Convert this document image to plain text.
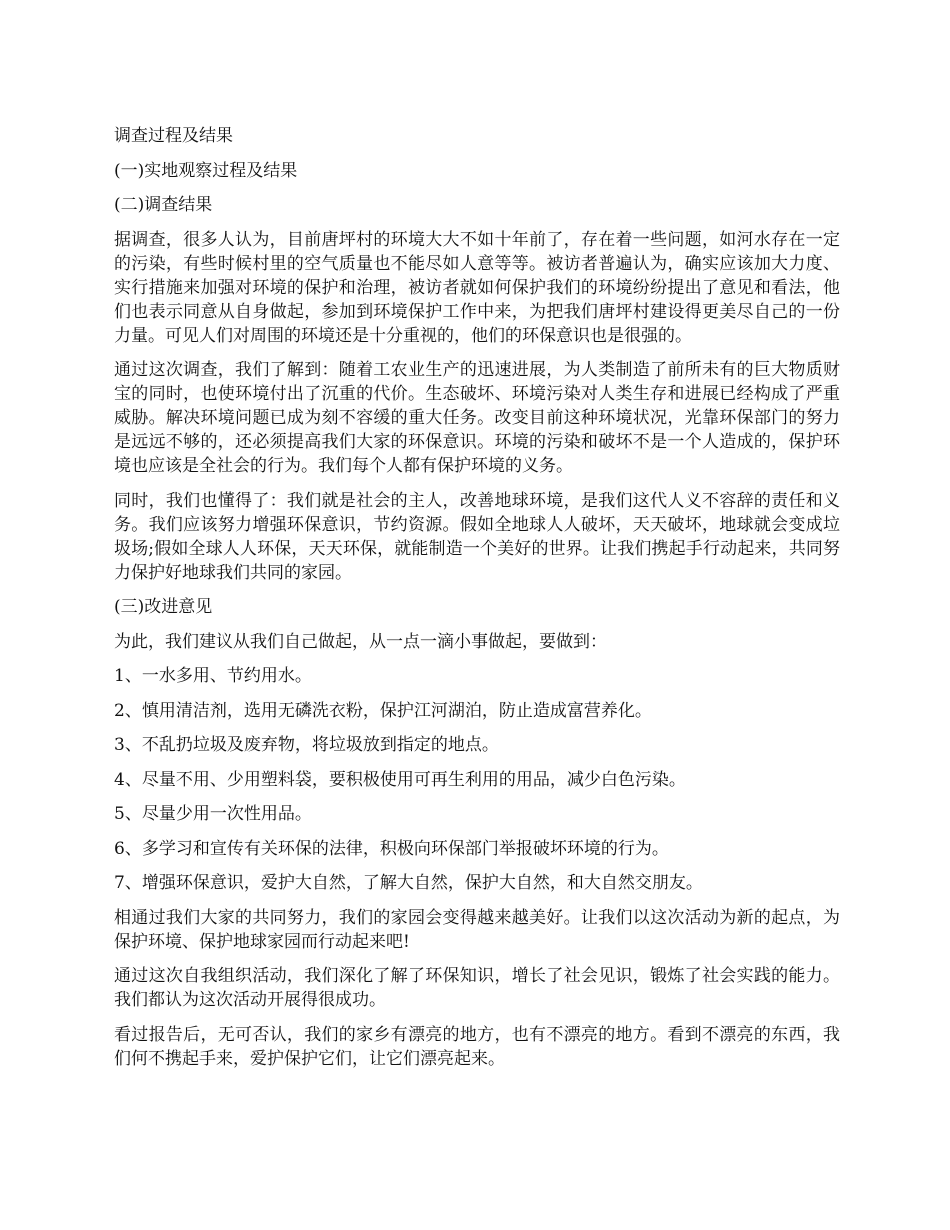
调查过程及结果

(一)实地观察过程及结果

(二)调查结果

据调查，很多人认为，目前唐坪村的环境大大不如十年前了，存在着一些问题，如河水存在一定的污染，有些时候村里的空气质量也不能尽如人意等等。被访者普遍认为，确实应该加大力度、实行措施来加强对环境的保护和治理，被访者就如何保护我们的环境纷纷提出了意见和看法，他们也表示同意从自身做起，参加到环境保护工作中来，为把我们唐坪村建设得更美尽自己的一份力量。可见人们对周围的环境还是十分重视的，他们的环保意识也是很强的。

通过这次调查，我们了解到：随着工农业生产的迅速进展，为人类制造了前所未有的巨大物质财宝的同时，也使环境付出了沉重的代价。生态破坏、环境污染对人类生存和进展已经构成了严重威胁。解决环境问题已成为刻不容缓的重大任务。改变目前这种环境状况，光靠环保部门的努力是远远不够的，还必须提高我们大家的环保意识。环境的污染和破坏不是一个人造成的，保护环境也应该是全社会的行为。我们每个人都有保护环境的义务。

同时，我们也懂得了：我们就是社会的主人，改善地球环境，是我们这代人义不容辞的责任和义务。我们应该努力增强环保意识，节约资源。假如全地球人人破坏，天天破坏，地球就会变成垃圾场;假如全球人人环保，天天环保，就能制造一个美好的世界。让我们携起手行动起来，共同努力保护好地球我们共同的家园。

(三)改进意见

为此，我们建议从我们自己做起，从一点一滴小事做起，要做到：

1、一水多用、节约用水。

2、慎用清洁剂，选用无磷洗衣粉，保护江河湖泊，防止造成富营养化。

3、不乱扔垃圾及废弃物，将垃圾放到指定的地点。

4、尽量不用、少用塑料袋，要积极使用可再生利用的用品，减少白色污染。

5、尽量少用一次性用品。

6、多学习和宣传有关环保的法律，积极向环保部门举报破坏环境的行为。

7、增强环保意识，爱护大自然，了解大自然，保护大自然，和大自然交朋友。

相通过我们大家的共同努力，我们的家园会变得越来越美好。让我们以这次活动为新的起点，为保护环境、保护地球家园而行动起来吧!

通过这次自我组织活动，我们深化了解了环保知识，增长了社会见识，锻炼了社会实践的能力。我们都认为这次活动开展得很成功。

看过报告后，无可否认，我们的家乡有漂亮的地方，也有不漂亮的地方。看到不漂亮的东西，我们何不携起手来，爱护保护它们，让它们漂亮起来。
